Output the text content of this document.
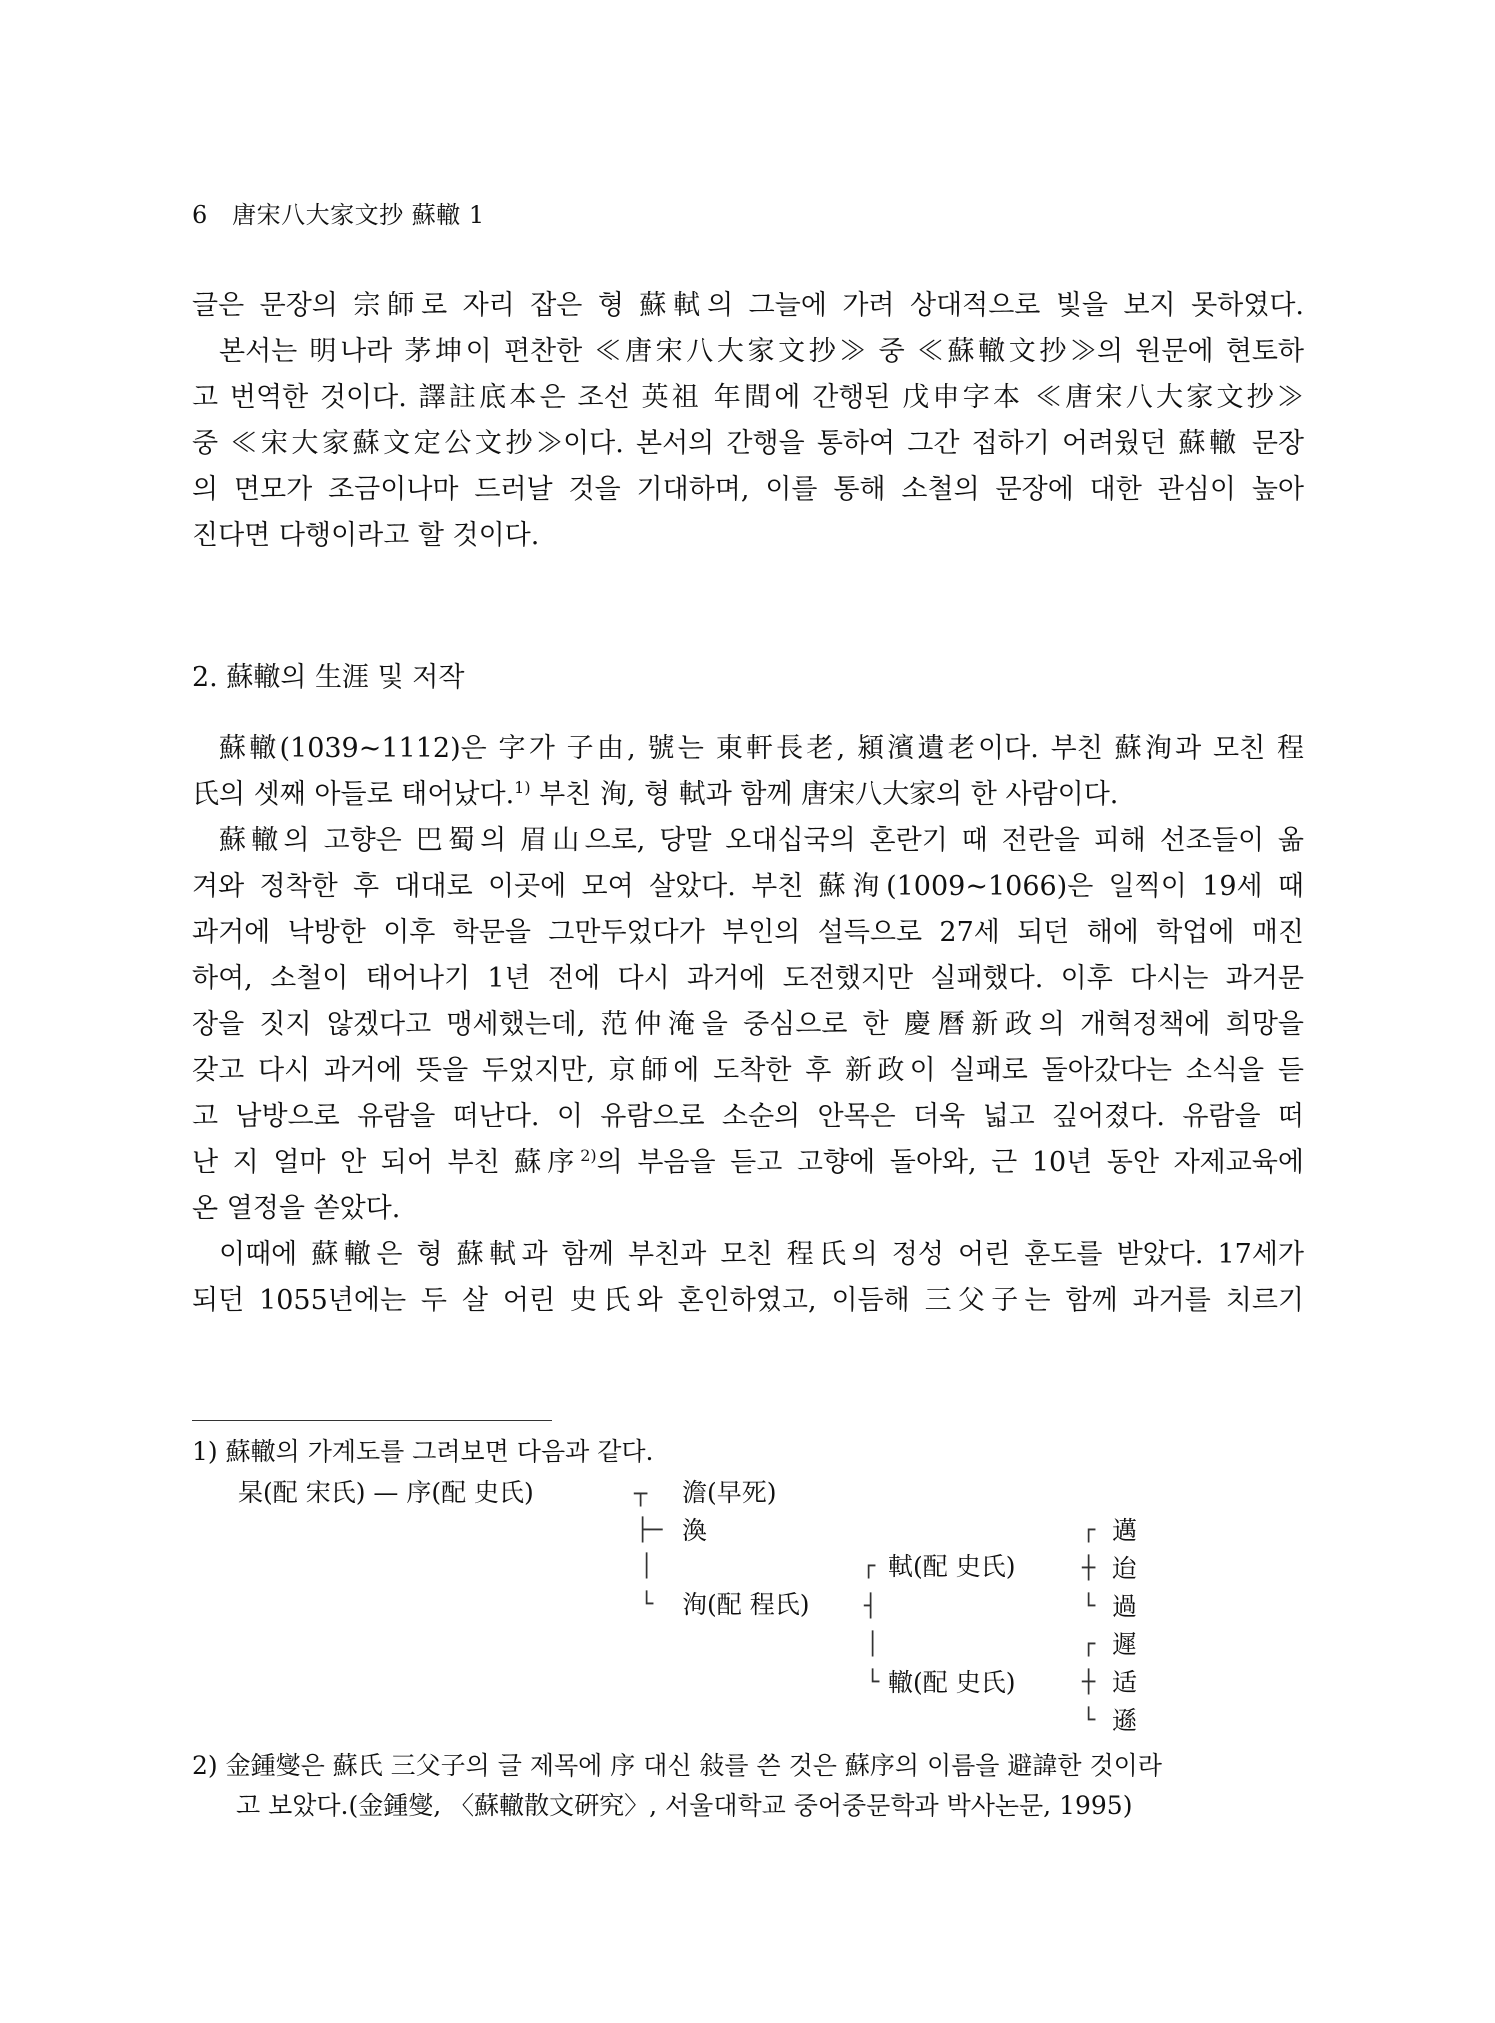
6 唐宋八大家文抄 蘇轍 1
글은 문장의 宗師로 자리 잡은 형 蘇軾의 그늘에 가려 상대적으로 빛을 보지 못하였다.
본서는 明나라 茅坤이 편찬한 ≪唐宋八大家文抄≫ 중 ≪蘇轍文抄≫의 원문에 현토하
고 번역한 것이다. 譯註底本은 조선 英祖 年間에 간행된 戊申字本 ≪唐宋八大家文抄≫
중 ≪宋大家蘇文定公文抄≫이다. 본서의 간행을 통하여 그간 접하기 어려웠던 蘇轍 문장
의 면모가 조금이나마 드러날 것을 기대하며, 이를 통해 소철의 문장에 대한 관심이 높아
진다면 다행이라고 할 것이다.
2. 蘇轍의 生涯 및 저작
蘇轍(1039~1112)은 字가 子由, 號는 東軒長老, 潁濱遺老이다. 부친 蘇洵과 모친 程
氏의 셋째 아들로 태어났다.$^{1)}$ 부친 洵, 형 軾과 함께 唐宋八大家의 한 사람이다.
蘇轍의 고향은 巴蜀의 眉山으로, 당말 오대십국의 혼란기 때 전란을 피해 선조들이 옮
겨와 정착한 후 대대로 이곳에 모여 살았다. 부친 蘇洵(1009~1066)은 일찍이 19세 때
과거에 낙방한 이후 학문을 그만두었다가 부인의 설득으로 27세 되던 해에 학업에 매진
하여, 소철이 태어나기 1년 전에 다시 과거에 도전했지만 실패했다. 이후 다시는 과거문
장을 짓지 않겠다고 맹세했는데, 范仲淹을 중심으로 한 慶曆新政의 개혁정책에 희망을
갖고 다시 과거에 뜻을 두었지만, 京師에 도착한 후 新政이 실패로 돌아갔다는 소식을 듣
고 남방으로 유람을 떠난다. 이 유람으로 소순의 안목은 더욱 넓고 깊어졌다. 유람을 떠
난 지 얼마 안 되어 부친 蘇序$^{2)}$의 부음을 듣고 고향에 돌아와, 근 10년 동안 자제교육에
온 열정을 쏟았다.
이때에 蘇轍은 형 蘇軾과 함께 부친과 모친 程氏의 정성 어린 훈도를 받았다. 17세가
되던 1055년에는 두 살 어린 史氏와 혼인하였고, 이듬해 三父子는 함께 과거를 치르기
1) 蘇轍의 가계도를 그려보면 다음과 같다.
杲(配 宋氏) — 序(配 史氏)	┬
├─
│
└
澹(早死)
渙
洵(配 程氏)
┌
┤
│
└
軾(配 史氏)
轍(配 史氏)
┌
┼
└
邁
迨
過
┌
┼
└
遲
适
遜
2) 金鍾燮은 蘇氏 三父子의 글 제목에 序 대신 敍를 쓴 것은 蘇序의 이름을 避諱한 것이라
고 보았다.(金鍾燮, 〈蘇轍散文硏究〉, 서울대학교 중어중문학과 박사논문, 1995)
